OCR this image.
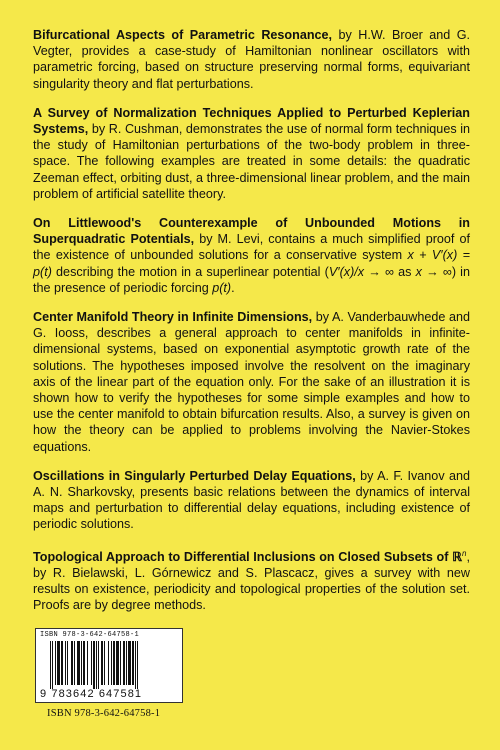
Bifurcational Aspects of Parametric Resonance, by H.W. Broer and G. Vegter, provides a case-study of Hamiltonian nonlinear oscillators with parametric forcing, based on structure preserving normal forms, equivariant singularity theory and flat perturbations.

A Survey of Normalization Techniques Applied to Perturbed Keplerian Systems, by R. Cushman, demonstrates the use of normal form techniques in the study of Hamiltonian perturbations of the two-body problem in three-space. The following examples are treated in some details: the quadratic Zeeman effect, orbiting dust, a three-dimensional linear problem, and the main problem of artificial satellite theory.

On Littlewood's Counterexample of Unbounded Motions in Superquadratic Potentials, by M. Levi, contains a much simplified proof of the existence of unbounded solutions for a conservative system x + V′(x) = p(t) describing the motion in a superlinear potential (V′(x)/x → ∞ as x → ∞) in the presence of periodic forcing p(t).

Center Manifold Theory in Infinite Dimensions, by A. Vanderbauwhede and G. Iooss, describes a general approach to center manifolds in infinite-dimensional systems, based on exponential asymptotic growth rate of the solutions. The hypotheses imposed involve the resolvent on the imaginary axis of the linear part of the equation only. For the sake of an illustration it is shown how to verify the hypotheses for some simple examples and how to use the center manifold to obtain bifurcation results. Also, a survey is given on how the theory can be applied to problems involving the Navier-Stokes equations.

Oscillations in Singularly Perturbed Delay Equations, by A. F. Ivanov and A. N. Sharkovsky, presents basic relations between the dynamics of interval maps and perturbation to differential delay equations, including existence of periodic solutions.

Topological Approach to Differential Inclusions on Closed Subsets of ℝ$^n$, by R. Bielawski, L. Górnewicz and S. Plascacz, gives a survey with new results on existence, periodicity and topological properties of the solution set. Proofs are by degree methods.

ISBN 978-3-642-64758-1
9 783642 647581
ISBN 978-3-642-64758-1
